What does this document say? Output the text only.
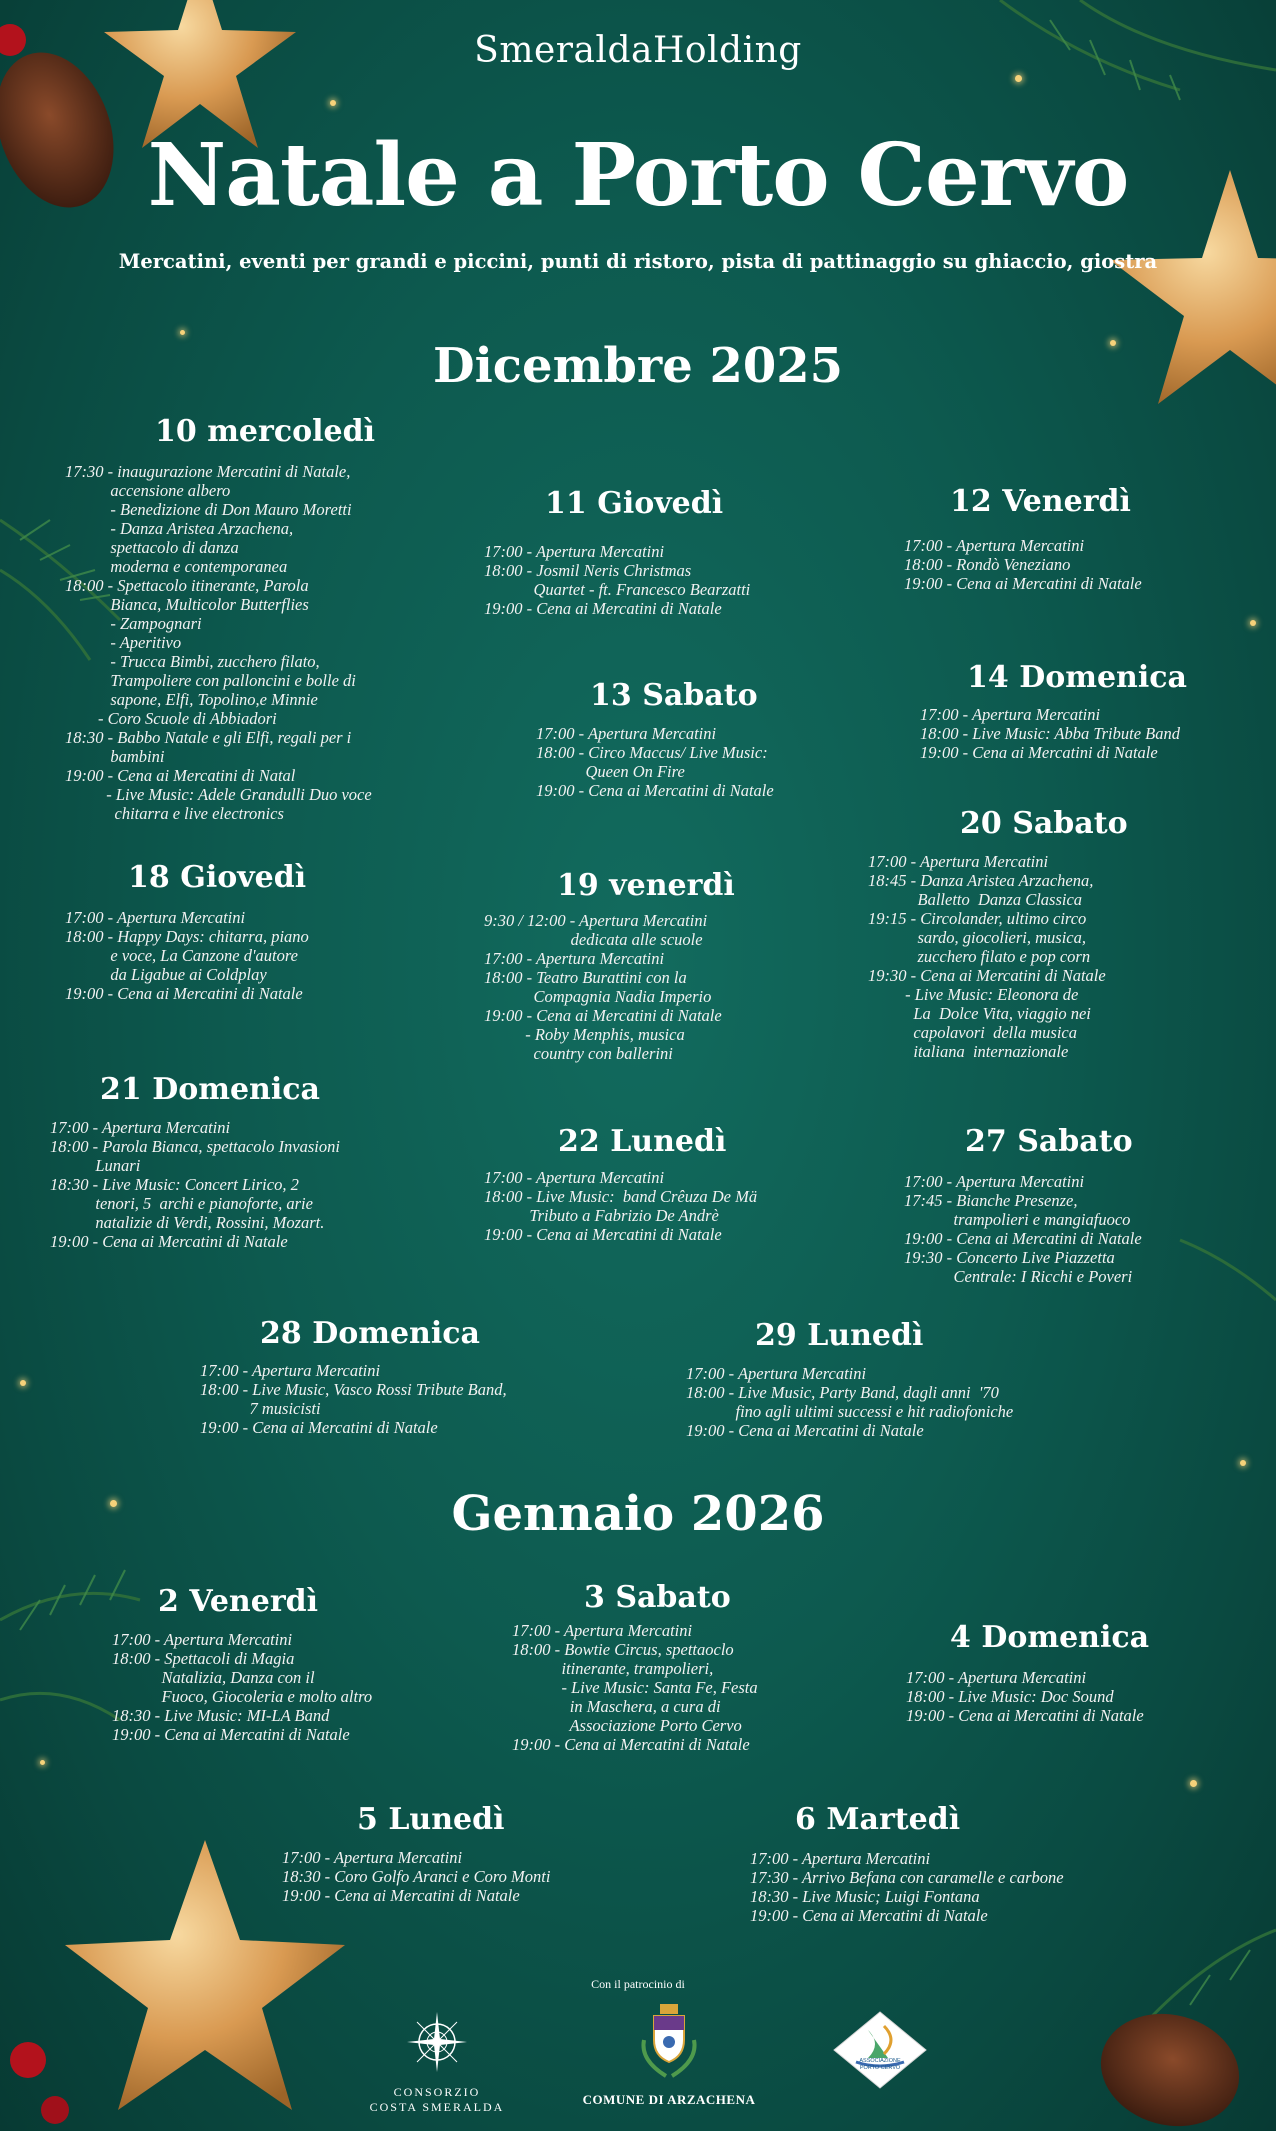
SmeraldaHolding
Natale a Porto Cervo
Mercatini, eventi per grandi e piccini, punti di ristoro, pista di pattinaggio su ghiaccio, giostra
Dicembre 2025
10 mercoledì
17:30 - inaugurazione Mercatini di Natale,
accensione albero
- Benedizione di Don Mauro Moretti
- Danza Aristea Arzachena,
spettacolo di danza
moderna e contemporanea
18:00 - Spettacolo itinerante, Parola
Bianca, Multicolor Butterflies
- Zampognari
- Aperitivo
- Trucca Bimbi, zucchero filato,
Trampoliere con palloncini e bolle di
sapone, Elfi, Topolino,e Minnie
- Coro Scuole di Abbiadori
18:30 - Babbo Natale e gli Elfi, regali per i
bambini
19:00 - Cena ai Mercatini di Natal
- Live Music: Adele Grandulli Duo voce
chitarra e live electronics
11 Giovedì
17:00 - Apertura Mercatini
18:00 - Josmil Neris Christmas
Quartet - ft. Francesco Bearzatti
19:00 - Cena ai Mercatini di Natale
12 Venerdì
17:00 - Apertura Mercatini
18:00 - Rondò Veneziano
19:00 - Cena ai Mercatini di Natale
13 Sabato
17:00 - Apertura Mercatini
18:00 - Circo Maccus/ Live Music:
Queen On Fire
19:00 - Cena ai Mercatini di Natale
14 Domenica
17:00 - Apertura Mercatini
18:00 - Live Music: Abba Tribute Band
19:00 - Cena ai Mercatini di Natale
18 Giovedì
17:00 - Apertura Mercatini
18:00 - Happy Days: chitarra, piano
e voce, La Canzone d'autore
da Ligabue ai Coldplay
19:00 - Cena ai Mercatini di Natale
19 venerdì
9:30 / 12:00 - Apertura Mercatini
dedicata alle scuole
17:00 - Apertura Mercatini
18:00 - Teatro Burattini con la
Compagnia Nadia Imperio
19:00 - Cena ai Mercatini di Natale
- Roby Menphis, musica
country con ballerini
20 Sabato
17:00 - Apertura Mercatini
18:45 - Danza Aristea Arzachena,
Balletto  Danza Classica
19:15 - Circolander, ultimo circo
sardo, giocolieri, musica,
zucchero filato e pop corn
19:30 - Cena ai Mercatini di Natale
- Live Music: Eleonora de
La  Dolce Vita, viaggio nei
capolavori  della musica
italiana  internazionale
21 Domenica
17:00 - Apertura Mercatini
18:00 - Parola Bianca, spettacolo Invasioni
Lunari
18:30 - Live Music: Concert Lirico, 2
tenori, 5  archi e pianoforte, arie
natalizie di Verdi, Rossini, Mozart.
19:00 - Cena ai Mercatini di Natale
22 Lunedì
17:00 - Apertura Mercatini
18:00 - Live Music:  band Crêuza De Mä
Tributo a Fabrizio De Andrè
19:00 - Cena ai Mercatini di Natale
27 Sabato
17:00 - Apertura Mercatini
17:45 - Bianche Presenze,
trampolieri e mangiafuoco
19:00 - Cena ai Mercatini di Natale
19:30 - Concerto Live Piazzetta
Centrale: I Ricchi e Poveri
28 Domenica
17:00 - Apertura Mercatini
18:00 - Live Music, Vasco Rossi Tribute Band,
7 musicisti
19:00 - Cena ai Mercatini di Natale
29 Lunedì
17:00 - Apertura Mercatini
18:00 - Live Music, Party Band, dagli anni  '70
fino agli ultimi successi e hit radiofoniche
19:00 - Cena ai Mercatini di Natale
Gennaio 2026
2 Venerdì
17:00 - Apertura Mercatini
18:00 - Spettacoli di Magia
Natalizia, Danza con il
Fuoco, Giocoleria e molto altro
18:30 - Live Music: MI-LA Band
19:00 - Cena ai Mercatini di Natale
3 Sabato
17:00 - Apertura Mercatini
18:00 - Bowtie Circus, spettaoclo
itinerante, trampolieri,
- Live Music: Santa Fe, Festa
in Maschera, a cura di
Associazione Porto Cervo
19:00 - Cena ai Mercatini di Natale
4 Domenica
17:00 - Apertura Mercatini
18:00 - Live Music: Doc Sound
19:00 - Cena ai Mercatini di Natale
5 Lunedì
17:00 - Apertura Mercatini
18:30 - Coro Golfo Aranci e Coro Monti
19:00 - Cena ai Mercatini di Natale
6 Martedì
17:00 - Apertura Mercatini
17:30 - Arrivo Befana con caramelle e carbone
18:30 - Live Music; Luigi Fontana
19:00 - Cena ai Mercatini di Natale
Con il patrocinio di
CONSORZIO
COSTA SMERALDA	COMUNE DI ARZACHENA
ASSOCIAZIONE
PORTO CERVO
